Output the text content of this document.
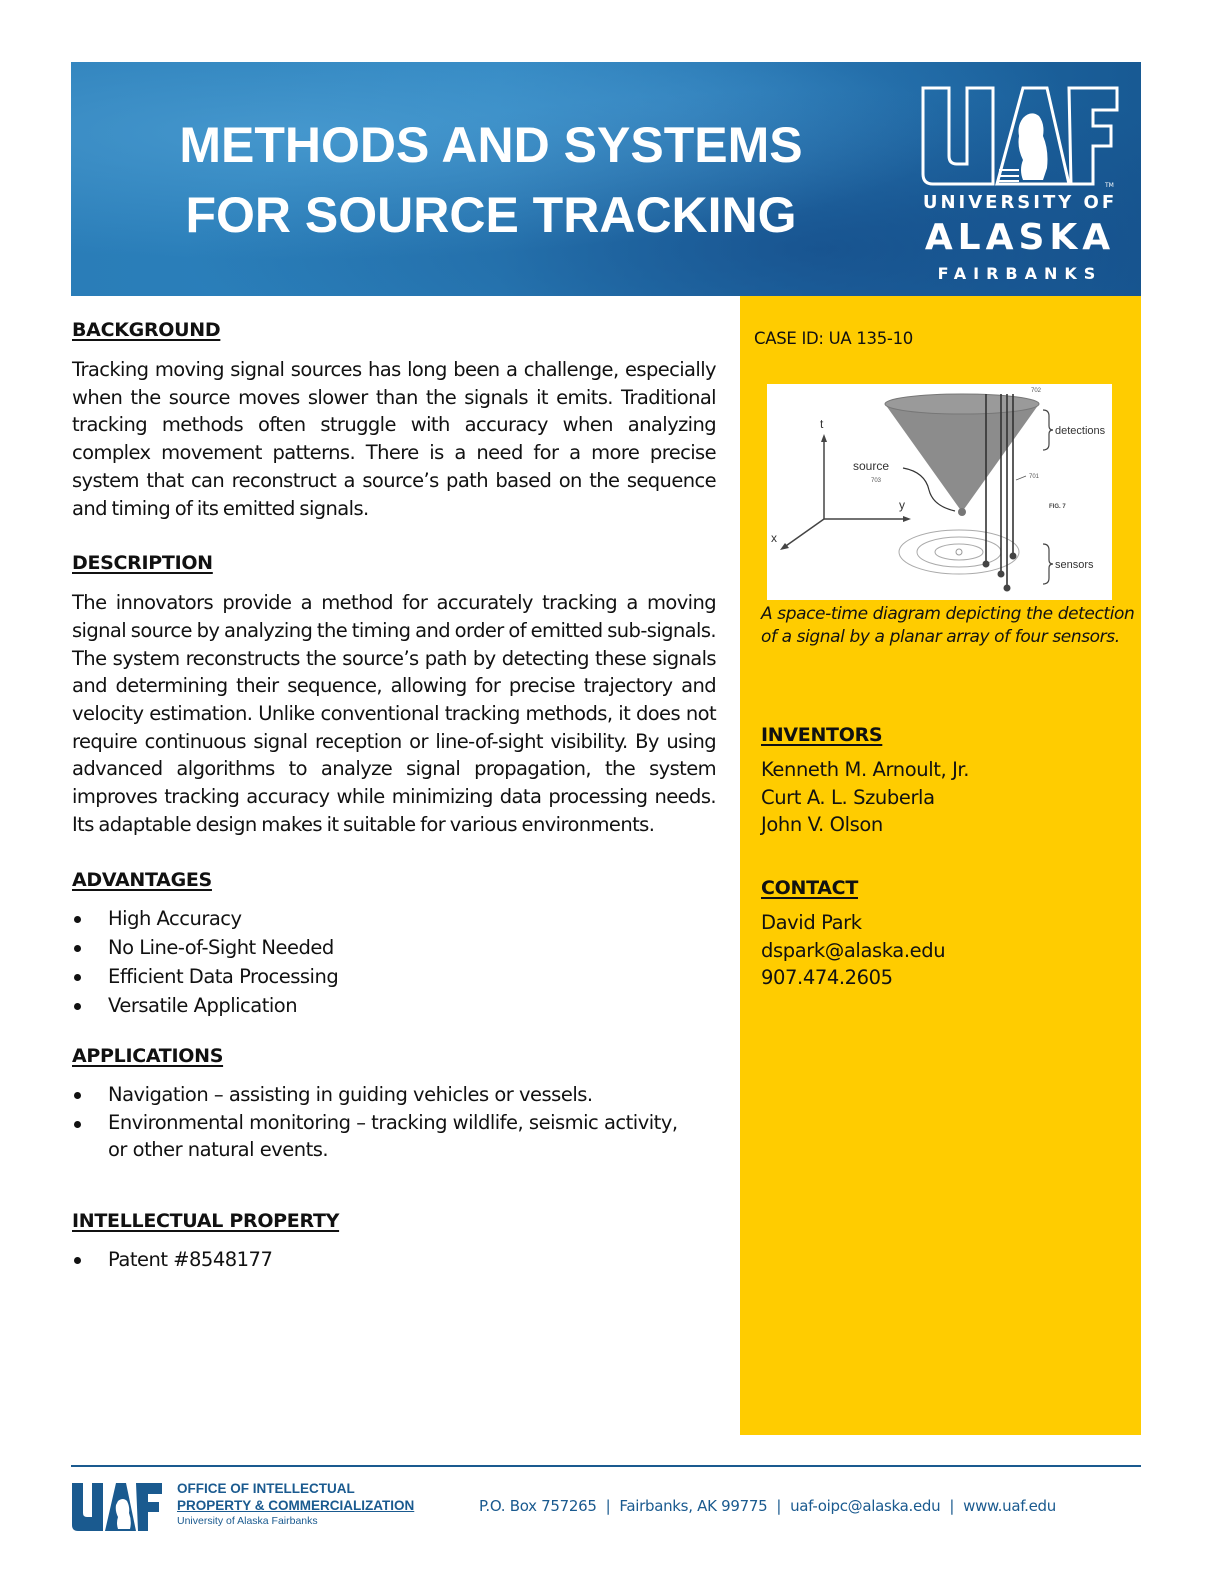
METHODS AND SYSTEMS
FOR SOURCE TRACKING
TM
UNIVERSITY OF
ALASKA
FAIRBANKS
BACKGROUND

Tracking moving signal sources has long been a challenge, especially when the source moves slower than the signals it emits. Traditional tracking methods often struggle with accuracy when analyzing complex movement patterns. There is a need for a more precise system that can reconstruct a source’s path based on the sequence and timing of its emitted signals.

DESCRIPTION

The innovators provide a method for accurately tracking a moving signal source by analyzing the timing and order of emitted sub-signals. The system reconstructs the source’s path by detecting these signals and determining their sequence, allowing for precise trajectory and velocity estimation. Unlike conventional tracking methods, it does not require continuous signal reception or line-of-sight visibility. By using advanced algorithms to analyze signal propagation, the system improves tracking accuracy while minimizing data processing needs. Its adaptable design makes it suitable for various environments.

ADVANTAGES
High Accuracy
No Line-of-Sight Needed
Efficient Data Processing
Versatile Application
APPLICATIONS
Navigation – assisting in guiding vehicles or vessels.
Environmental monitoring – tracking wildlife, seismic activity, or other natural events.
INTELLECTUAL PROPERTY
Patent #8548177
CASE ID: UA 135-10
t
y
x
source
703
detections
sensors
702
701
FIG. 7
A space-time diagram depicting the detection of a signal by a planar array of four sensors.
INVENTORS
Kenneth M. Arnoult, Jr.
Curt A. L. Szuberla
John V. Olson
CONTACT
David Park
dspark@alaska.edu
907.474.2605
OFFICE OF INTELLECTUAL
PROPERTY & COMMERCIALIZATION
University of Alaska Fairbanks
P.O. Box 757265 | Fairbanks, AK 99775 | uaf-oipc@alaska.edu | www.uaf.edu
